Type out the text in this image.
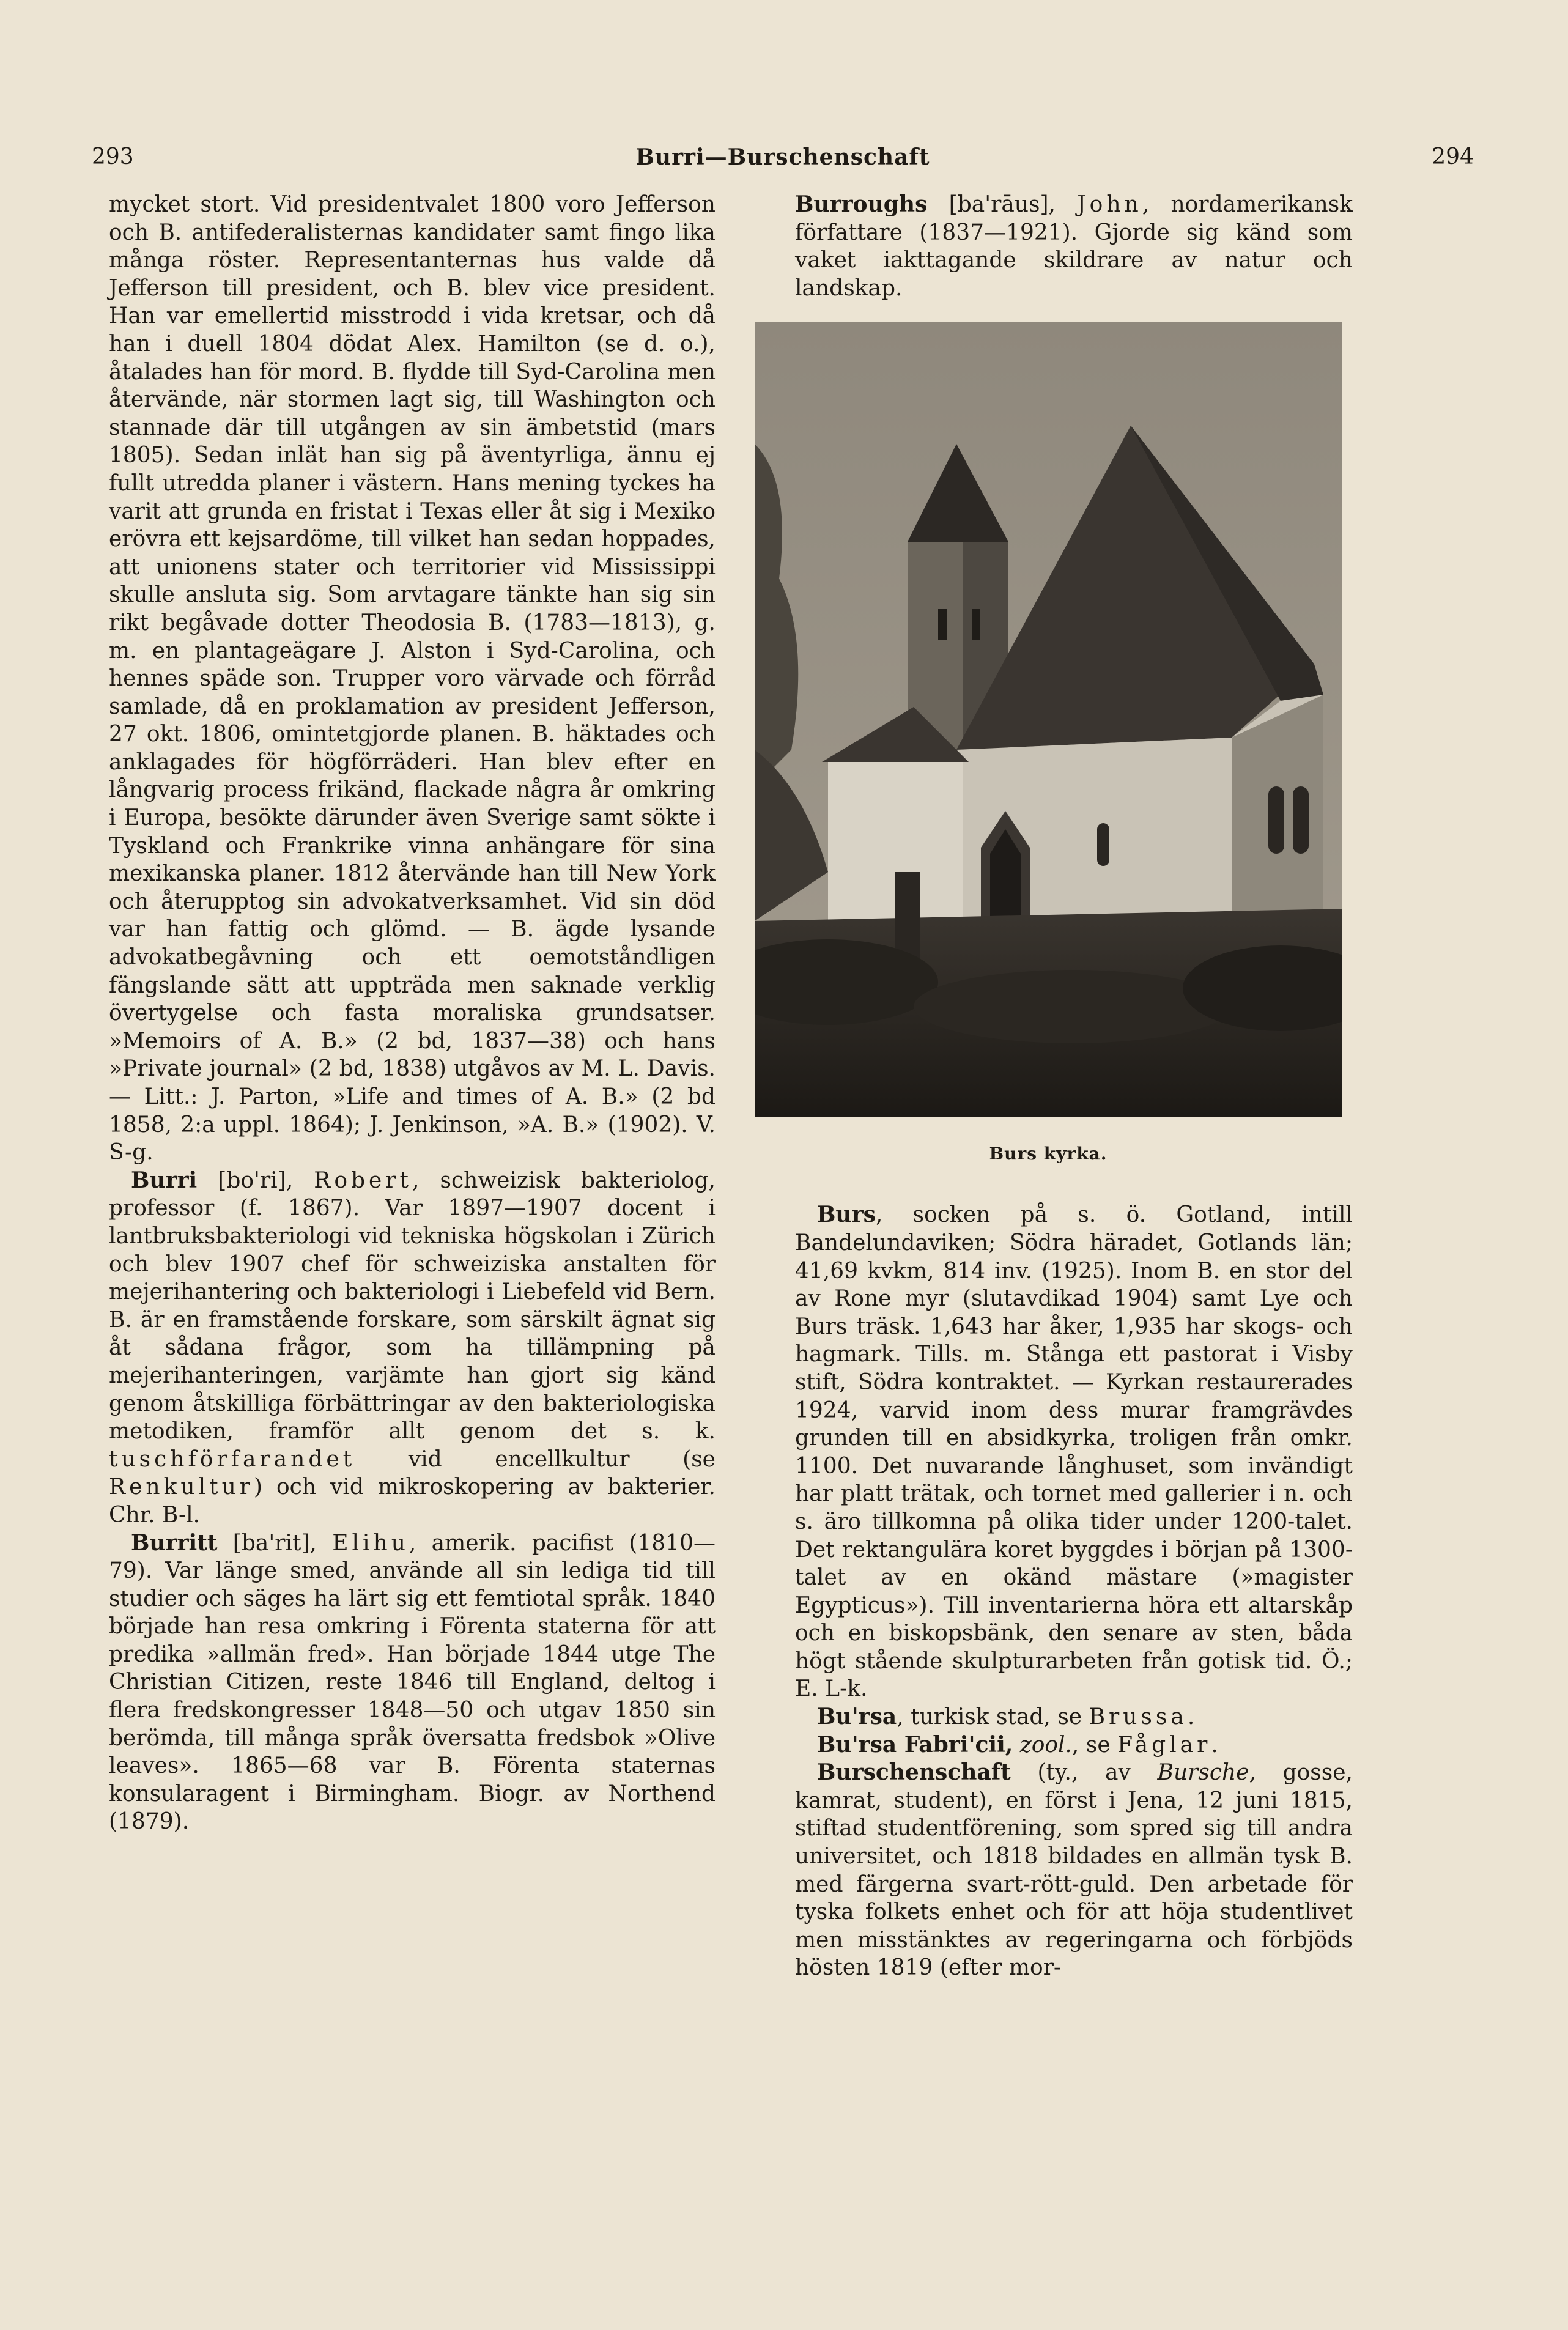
293	Burri—Burschenschaft	294

mycket stort. Vid presidentvalet 1800 voro Jefferson och B. antifederalisternas kandidater samt fingo lika många röster. Representanternas hus valde då Jefferson till president, och B. blev vice president. Han var emellertid misstrodd i vida kretsar, och då han i duell 1804 dödat Alex. Hamilton (se d. o.), åtalades han för mord. B. flydde till Syd-Carolina men återvände, när stormen lagt sig, till Washington och stannade där till utgången av sin ämbetstid (mars 1805). Sedan inlät han sig på äventyrliga, ännu ej fullt utredda planer i västern. Hans mening tyckes ha varit att grunda en fristat i Texas eller åt sig i Mexiko erövra ett kejsardöme, till vilket han sedan hoppades, att unionens stater och territorier vid Mississippi skulle ansluta sig. Som arvtagare tänkte han sig sin rikt begåvade dotter Theodosia B. (1783—1813), g. m. en plantageägare J. Alston i Syd-Carolina, och hennes späde son. Trupper voro värvade och förråd samlade, då en proklamation av president Jefferson, 27 okt. 1806, omintetgjorde planen. B. häktades och anklagades för högförräderi. Han blev efter en långvarig process frikänd, flackade några år omkring i Europa, besökte därunder även Sverige samt sökte i Tyskland och Frankrike vinna anhängare för sina mexikanska planer. 1812 återvände han till New York och återupptog sin advokatverksamhet. Vid sin död var han fattig och glömd. — B. ägde lysande advokatbegåvning och ett oemotståndligen fängslande sätt att uppträda men saknade verklig övertygelse och fasta moraliska grundsatser. »Memoirs of A. B.» (2 bd, 1837—38) och hans »Private journal» (2 bd, 1838) utgåvos av M. L. Davis. — Litt.: J. Parton, »Life and times of A. B.» (2 bd 1858, 2:a uppl. 1864); J. Jenkinson, »A. B.» (1902). V. S-g.

Burri [bo'ri], Robert, schweizisk bakteriolog, professor (f. 1867). Var 1897—1907 docent i lantbruksbakteriologi vid tekniska högskolan i Zürich och blev 1907 chef för schweiziska anstalten för mejerihantering och bakteriologi i Liebefeld vid Bern. B. är en framstående forskare, som särskilt ägnat sig åt sådana frågor, som ha tillämpning på mejerihanteringen, varjämte han gjort sig känd genom åtskilliga förbättringar av den bakteriologiska metodiken, framför allt genom det s. k. tuschförfarandet vid encellkultur (se Renkultur) och vid mikroskopering av bakterier. Chr. B-l.

Burritt [ba'rit], Elihu, amerik. pacifist (1810—79). Var länge smed, använde all sin lediga tid till studier och säges ha lärt sig ett femtiotal språk. 1840 började han resa omkring i Förenta staterna för att predika »allmän fred». Han började 1844 utge The Christian Citizen, reste 1846 till England, deltog i flera fredskongresser 1848—50 och utgav 1850 sin berömda, till många språk översatta fredsbok »Olive leaves». 1865—68 var B. Förenta staternas konsularagent i Birmingham. Biogr. av Northend (1879).

Burroughs [ba'rāus], John, nordamerikansk författare (1837—1921). Gjorde sig känd som vaket iakttagande skildrare av natur och landskap.

Burs kyrka.

Burs, socken på s. ö. Gotland, intill Bandelundaviken; Södra häradet, Gotlands län; 41,69 kvkm, 814 inv. (1925). Inom B. en stor del av Rone myr (slutavdikad 1904) samt Lye och Burs träsk. 1,643 har åker, 1,935 har skogs- och hagmark. Tills. m. Stånga ett pastorat i Visby stift, Södra kontraktet. — Kyrkan restaurerades 1924, varvid inom dess murar framgrävdes grunden till en absidkyrka, troligen från omkr. 1100. Det nuvarande långhuset, som invändigt har platt trätak, och tornet med gallerier i n. och s. äro tillkomna på olika tider under 1200-talet. Det rektangulära koret byggdes i början på 1300-talet av en okänd mästare (»magister Egypticus»). Till inventarierna höra ett altarskåp och en biskopsbänk, den senare av sten, båda högt stående skulpturarbeten från gotisk tid. Ö.; E. L-k.

Bu'rsa, turkisk stad, se Brussa.

Bu'rsa Fabri'cii, zool., se Fåglar.

Burschenschaft (ty., av Bursche, gosse, kamrat, student), en först i Jena, 12 juni 1815, stiftad studentförening, som spred sig till andra universitet, och 1818 bildades en allmän tysk B. med färgerna svart-rött-guld. Den arbetade för tyska folkets enhet och för att höja studentlivet men misstänktes av regeringarna och förbjöds hösten 1819 (efter mor-
